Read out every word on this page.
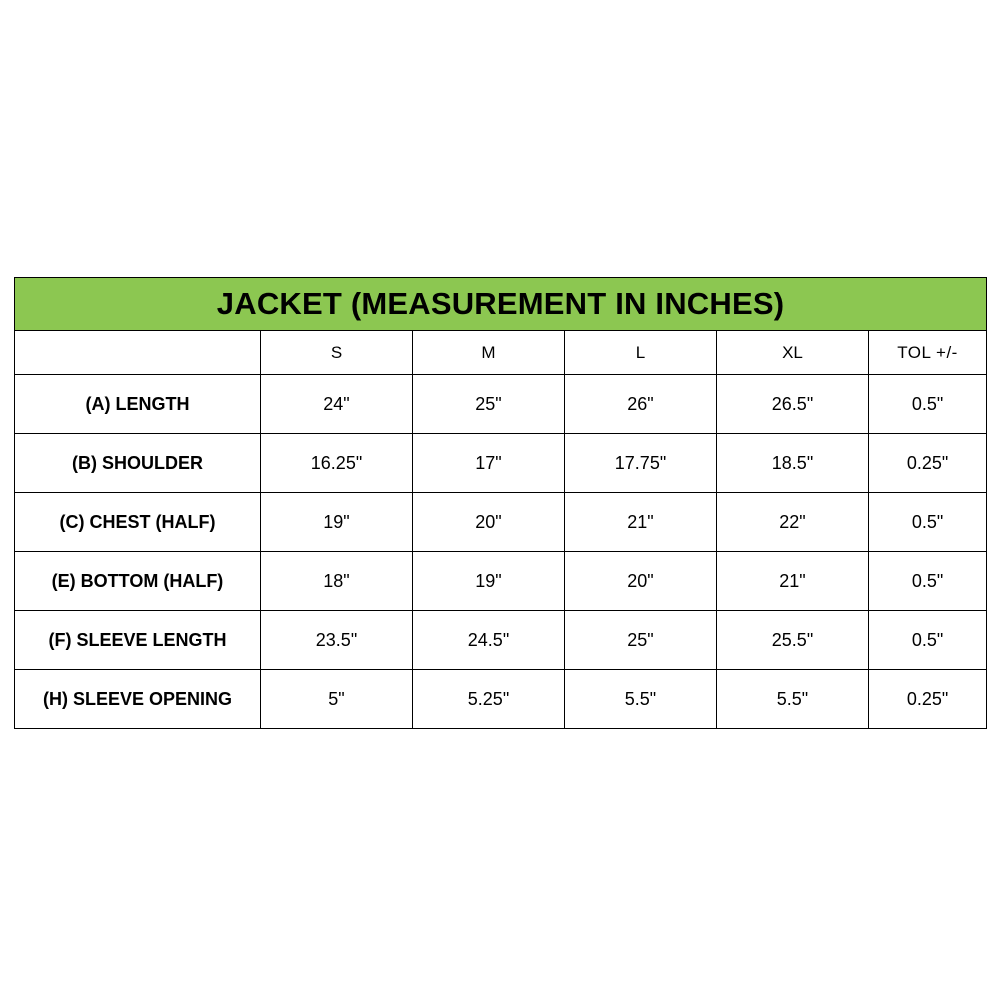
JACKET (MEASUREMENT IN INCHES)					
	S	M	L	XL	TOL +/-
(A) LENGTH	24"	25"	26"	26.5"	0.5"
(B) SHOULDER	16.25"	17"	17.75"	18.5"	0.25"
(C) CHEST (HALF)	19"	20"	21"	22"	0.5"
(E) BOTTOM (HALF)	18"	19"	20"	21"	0.5"
(F) SLEEVE LENGTH	23.5"	24.5"	25"	25.5"	0.5"
(H) SLEEVE OPENING	5"	5.25"	5.5"	5.5"	0.25"
